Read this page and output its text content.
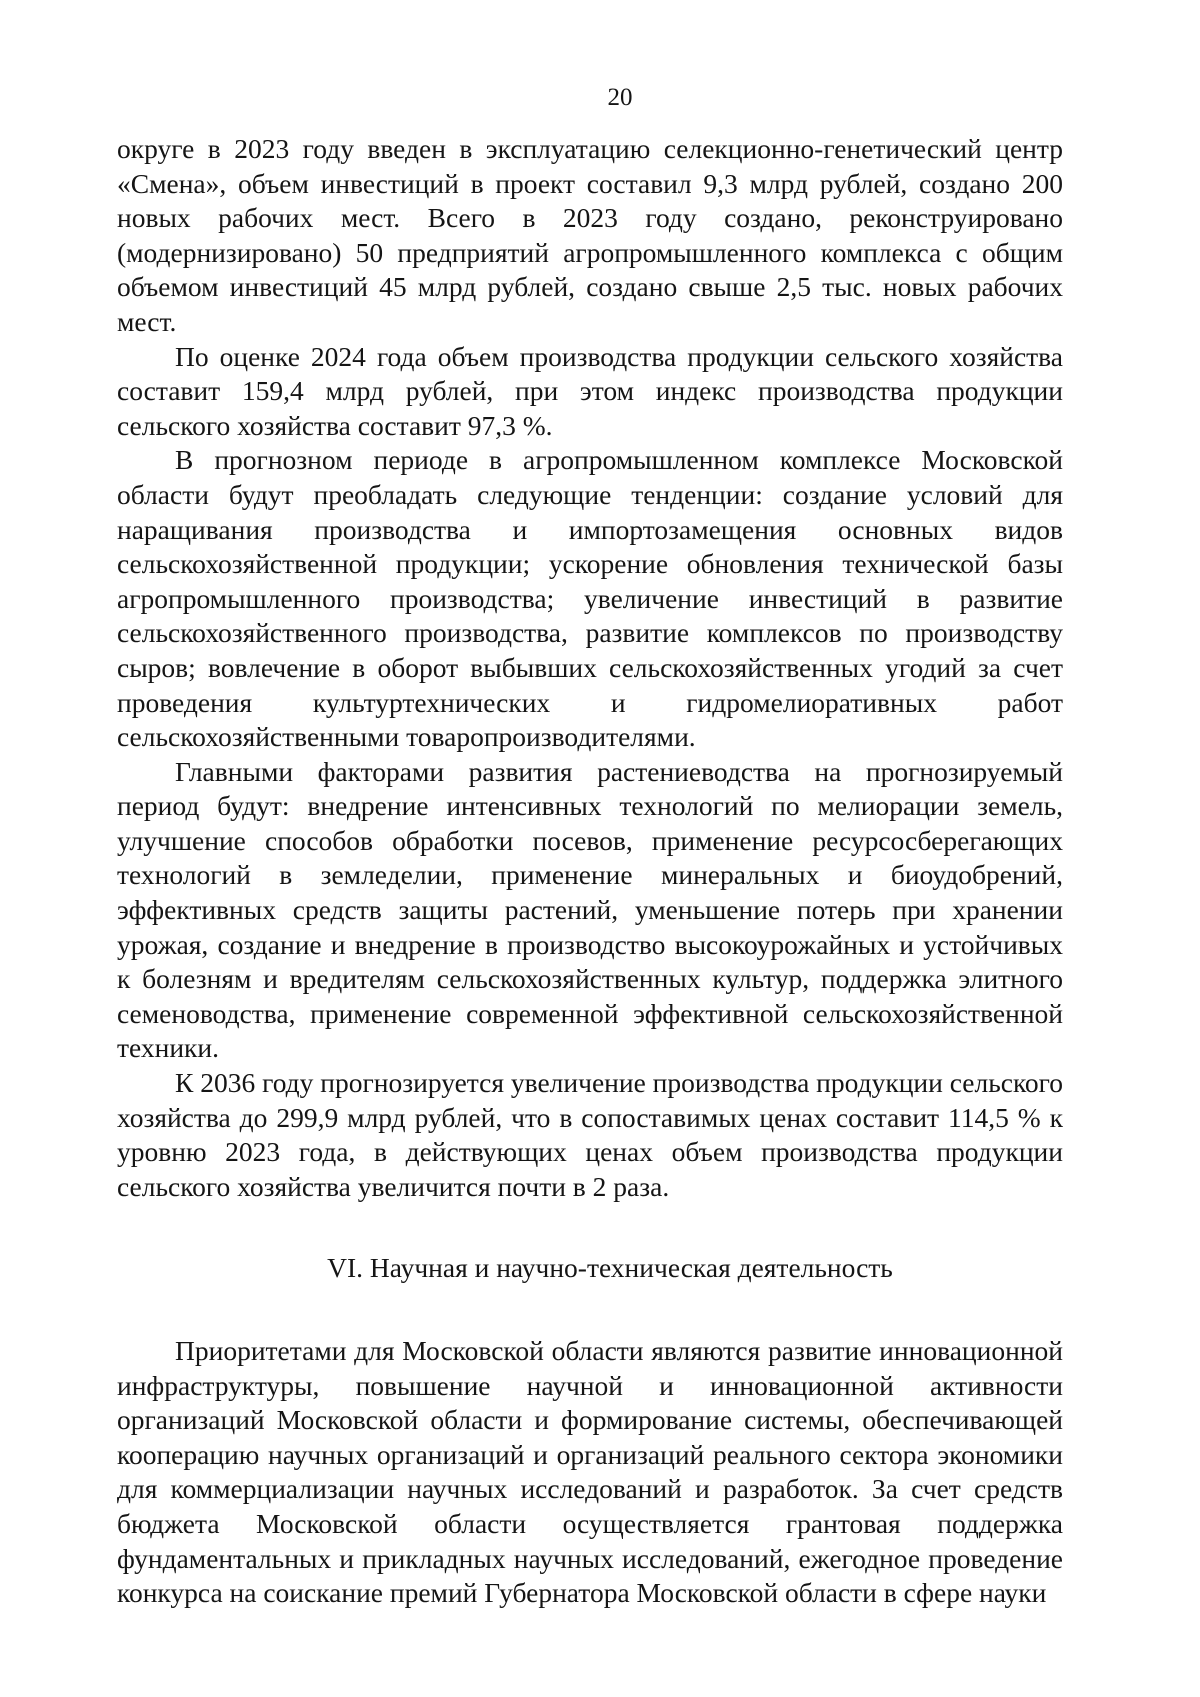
20

округе в 2023 году введен в эксплуатацию селекционно-генетический центр «Смена», объем инвестиций в проект составил 9,3 млрд рублей, создано 200 новых рабочих мест. Всего в 2023 году создано, реконструировано (модернизировано) 50 предприятий агропромышленного комплекса с общим объемом инвестиций 45 млрд рублей, создано свыше 2,5 тыс. новых рабочих мест.

По оценке 2024 года объем производства продукции сельского хозяйства составит 159,4 млрд рублей, при этом индекс производства продукции сельского хозяйства составит 97,3 %.

В прогнозном периоде в агропромышленном комплексе Московской области будут преобладать следующие тенденции: создание условий для наращивания производства и импортозамещения основных видов сельскохозяйственной продукции; ускорение обновления технической базы агропромышленного производства; увеличение инвестиций в развитие сельскохозяйственного производства, развитие комплексов по производству сыров; вовлечение в оборот выбывших сельскохозяйственных угодий за счет проведения культуртехнических и гидромелиоративных работ сельскохозяйственными товаропроизводителями.

Главными факторами развития растениеводства на прогнозируемый период будут: внедрение интенсивных технологий по мелиорации земель, улучшение способов обработки посевов, применение ресурсосберегающих технологий в земледелии, применение минеральных и биоудобрений, эффективных средств защиты растений, уменьшение потерь при хранении урожая, создание и внедрение в производство высокоурожайных и устойчивых к болезням и вредителям сельскохозяйственных культур, поддержка элитного семеноводства, применение современной эффективной сельскохозяйственной техники.

К 2036 году прогнозируется увеличение производства продукции сельского хозяйства до 299,9 млрд рублей, что в сопоставимых ценах составит 114,5 % к уровню 2023 года, в действующих ценах объем производства продукции сельского хозяйства увеличится почти в 2 раза.

VI. Научная и научно-техническая деятельность

Приоритетами для Московской области являются развитие инновационной инфраструктуры, повышение научной и инновационной активности организаций Московской области и формирование системы, обеспечивающей кооперацию научных организаций и организаций реального сектора экономики для коммерциализации научных исследований и разработок. За счет средств бюджета Московской области осуществляется грантовая поддержка фундаментальных и прикладных научных исследований, ежегодное проведение конкурса на соискание премий Губернатора Московской области в сфере науки
